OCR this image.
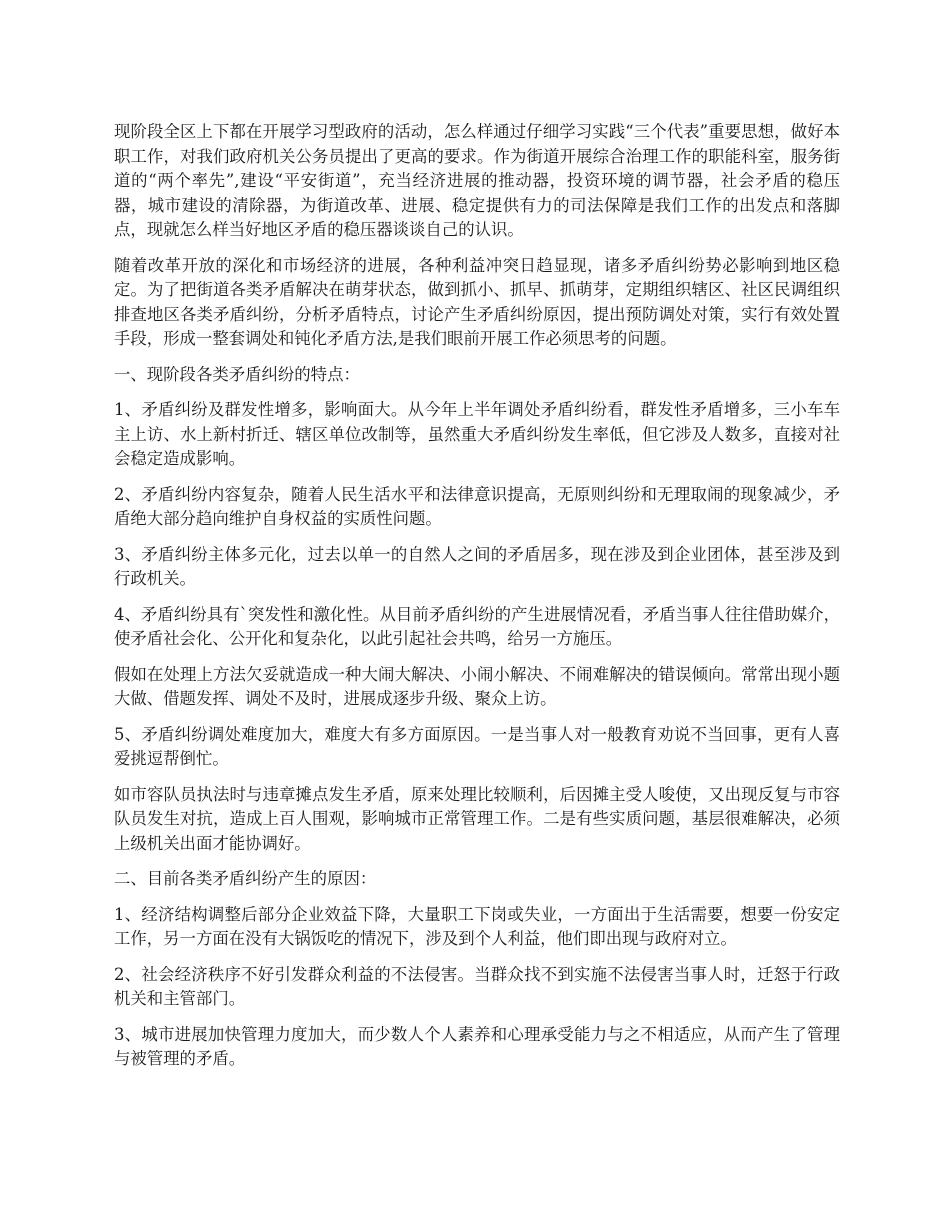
现阶段全区上下都在开展学习型政府的活动，怎么样通过仔细学习实践“三个代表”重要思想，做好本职工作，对我们政府机关公务员提出了更高的要求。作为街道开展综合治理工作的职能科室，服务街道的“两个率先”,建设“平安街道”，充当经济进展的推动器，投资环境的调节器，社会矛盾的稳压器，城市建设的清除器，为街道改革、进展、稳定提供有力的司法保障是我们工作的出发点和落脚点，现就怎么样当好地区矛盾的稳压器谈谈自己的认识。

随着改革开放的深化和市场经济的进展，各种利益冲突日趋显现，诸多矛盾纠纷势必影响到地区稳定。为了把街道各类矛盾解决在萌芽状态，做到抓小、抓早、抓萌芽，定期组织辖区、社区民调组织排查地区各类矛盾纠纷，分析矛盾特点，讨论产生矛盾纠纷原因，提出预防调处对策，实行有效处置手段，形成一整套调处和钝化矛盾方法,是我们眼前开展工作必须思考的问题。

一、现阶段各类矛盾纠纷的特点：

1、矛盾纠纷及群发性增多，影响面大。从今年上半年调处矛盾纠纷看，群发性矛盾增多，三小车车主上访、水上新村折迁、辖区单位改制等，虽然重大矛盾纠纷发生率低，但它涉及人数多，直接对社会稳定造成影响。

2、矛盾纠纷内容复杂，随着人民生活水平和法律意识提高，无原则纠纷和无理取闹的现象减少，矛盾绝大部分趋向维护自身权益的实质性问题。

3、矛盾纠纷主体多元化，过去以单一的自然人之间的矛盾居多，现在涉及到企业团体，甚至涉及到行政机关。

4、矛盾纠纷具有`突发性和激化性。从目前矛盾纠纷的产生进展情况看，矛盾当事人往往借助媒介，使矛盾社会化、公开化和复杂化，以此引起社会共鸣，给另一方施压。

假如在处理上方法欠妥就造成一种大闹大解决、小闹小解决、不闹难解决的错误倾向。常常出现小题大做、借题发挥、调处不及时，进展成逐步升级、聚众上访。

5、矛盾纠纷调处难度加大，难度大有多方面原因。一是当事人对一般教育劝说不当回事，更有人喜爱挑逗帮倒忙。

如市容队员执法时与违章摊点发生矛盾，原来处理比较顺利，后因摊主受人唆使，又出现反复与市容队员发生对抗，造成上百人围观，影响城市正常管理工作。二是有些实质问题，基层很难解决，必须上级机关出面才能协调好。

二、目前各类矛盾纠纷产生的原因：

1、经济结构调整后部分企业效益下降，大量职工下岗或失业，一方面出于生活需要，想要一份安定工作，另一方面在没有大锅饭吃的情况下，涉及到个人利益，他们即出现与政府对立。

2、社会经济秩序不好引发群众利益的不法侵害。当群众找不到实施不法侵害当事人时，迁怒于行政机关和主管部门。

3、城市进展加快管理力度加大，而少数人个人素养和心理承受能力与之不相适应，从而产生了管理与被管理的矛盾。
